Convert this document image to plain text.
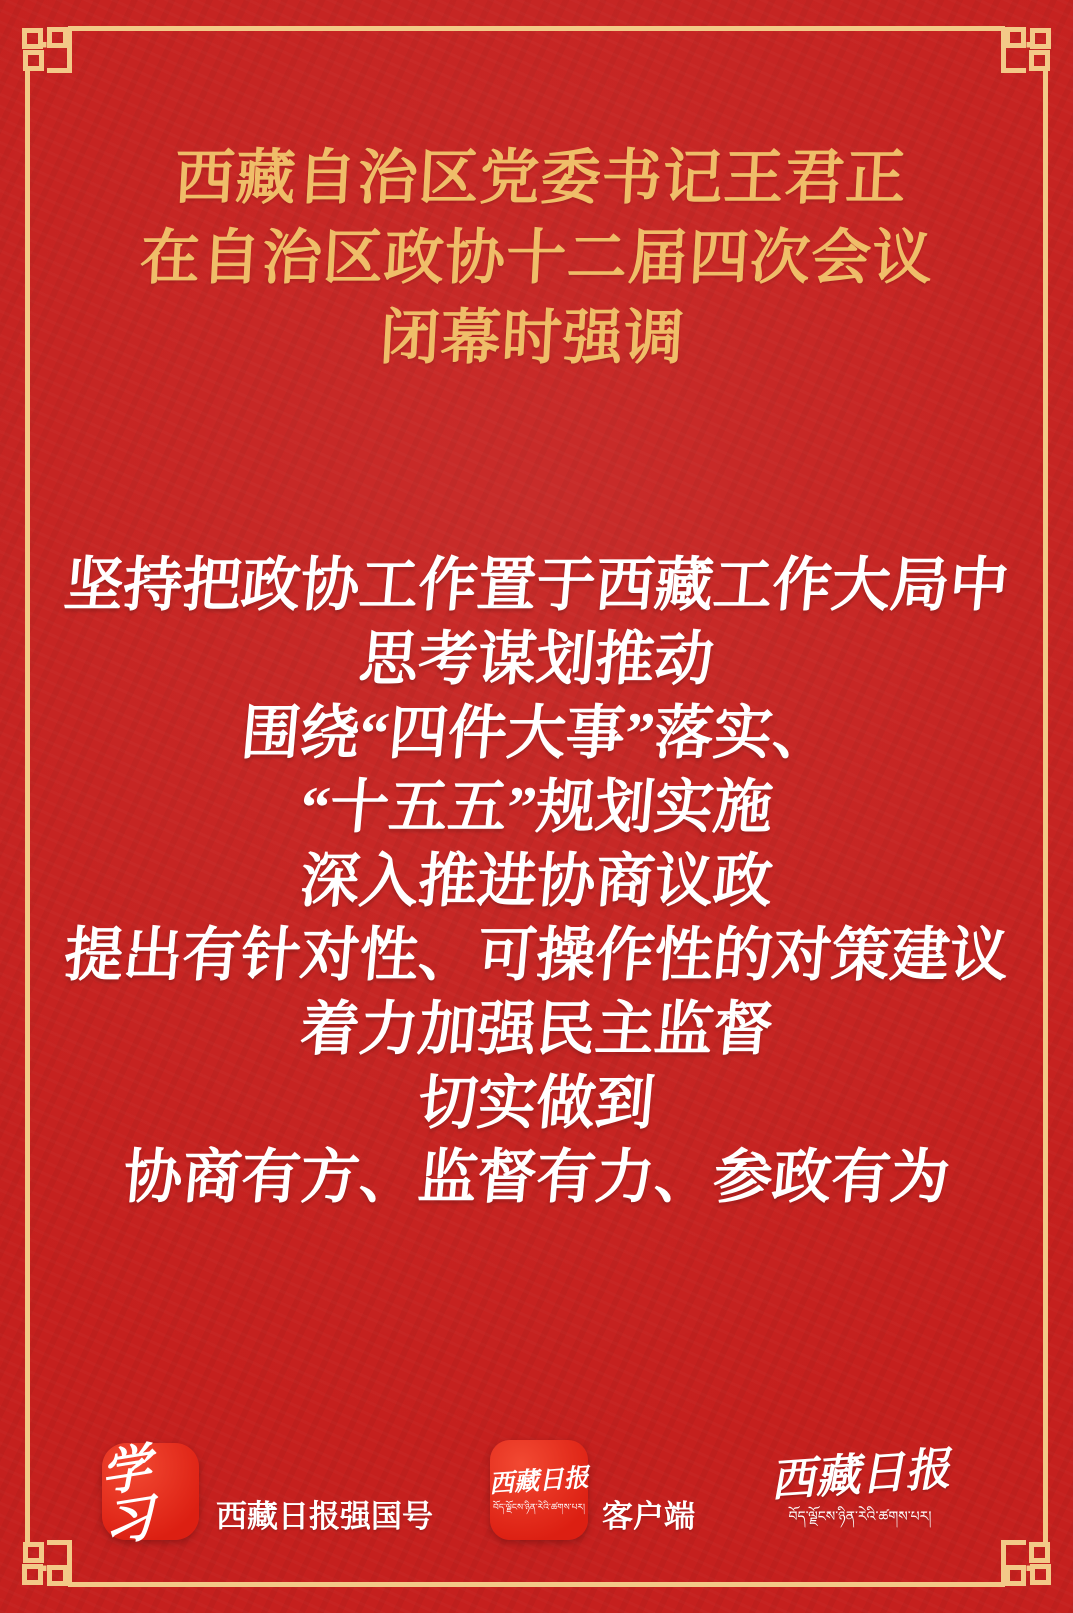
西藏自治区党委书记王君正
在自治区政协十二届四次会议
闭幕时强调
坚持把政协工作置于西藏工作大局中
思考谋划推动
围绕“四件大事”落实、
“十五五”规划实施
深入推进协商议政
提出有针对性、可操作性的对策建议
着力加强民主监督
切实做到
协商有方、监督有力、参政有为
学习	西藏日报强国号
西藏日报
བོད་ལྗོངས་ཉིན་རེའི་ཚགས་པར། 客户端
西藏日报
བོད་ལྗོངས་ཉིན་རེའི་ཚགས་པར།
